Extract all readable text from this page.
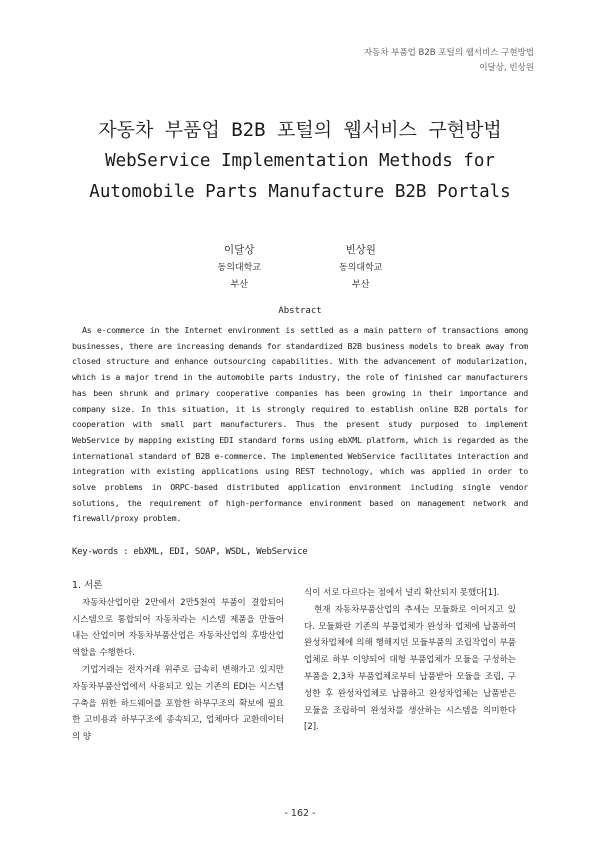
자동차 부품업 B2B 포털의 웹서비스 구현방법
이달상, 빈상원
자동차 부품업 B2B 포털의 웹서비스 구현방법
WebService Implementation Methods for
Automobile Parts Manufacture B2B Portals
이달상
동의대학교
부산
빈상원
동의대학교
부산
Abstract

As e-commerce in the Internet environment is settled as a main pattern of transactions among businesses, there are increasing demands for standardized B2B business models to break away from closed structure and enhance outsourcing capabilities. With the advancement of modularization, which is a major trend in the automobile parts industry, the role of finished car manufacturers has been shrunk and primary cooperative companies has been growing in their importance and company size. In this situation, it is strongly required to establish online B2B portals for cooperation with small part manufacturers. Thus the present study purposed to implement WebService by mapping existing EDI standard forms using ebXML platform, which is regarded as the international standard of B2B e-commerce. The implemented WebService facilitates interaction and integration with existing applications using REST technology, which was applied in order to solve problems in ORPC-based distributed application environment including single vendor solutions, the requirement of high-performance environment based on management network and firewall/proxy problem.

Key-words : ebXML, EDI, SOAP, WSDL, WebService

1. 서론

자동차산업이란 2만에서 2만5천여 부품이 결합되어 시스템으로 통합되어 자동차라는 시스템 제품을 만들어 내는 산업이며 자동차부품산업은 자동차산업의 후방산업 역할을 수행한다.

기업거래는 전자거래 위주로 급속히 변해가고 있지만 자동차부품산업에서 사용되고 있는 기존의 EDI는 시스템 구축을 위한 하드웨어를 포함한 하부구조의 확보에 필요한 고비용과 하부구조에 종속되고, 업체마다 교환데이터의 양

식이 서로 다르다는 점에서 널리 확산되지 못했다[1].

현재 자동차부품산업의 추세는 모듈화로 이어지고 있다. 모듈화란 기존의 부품업체가 완성차 업체에 납품하여 완성차업체에 의해 행해지던 모듈부품의 조립작업이 부품업체로 하부 이양되어 대형 부품업체가 모듈을 구성하는 부품을 2,3차 부품업체로부터 납품받아 모듈을 조립, 구성한 후 완성차업체로 납품하고 완성차업체는 납품받은 모듈을 조립하여 완성차를 생산하는 시스템을 의미한다[2].

- 162 -
